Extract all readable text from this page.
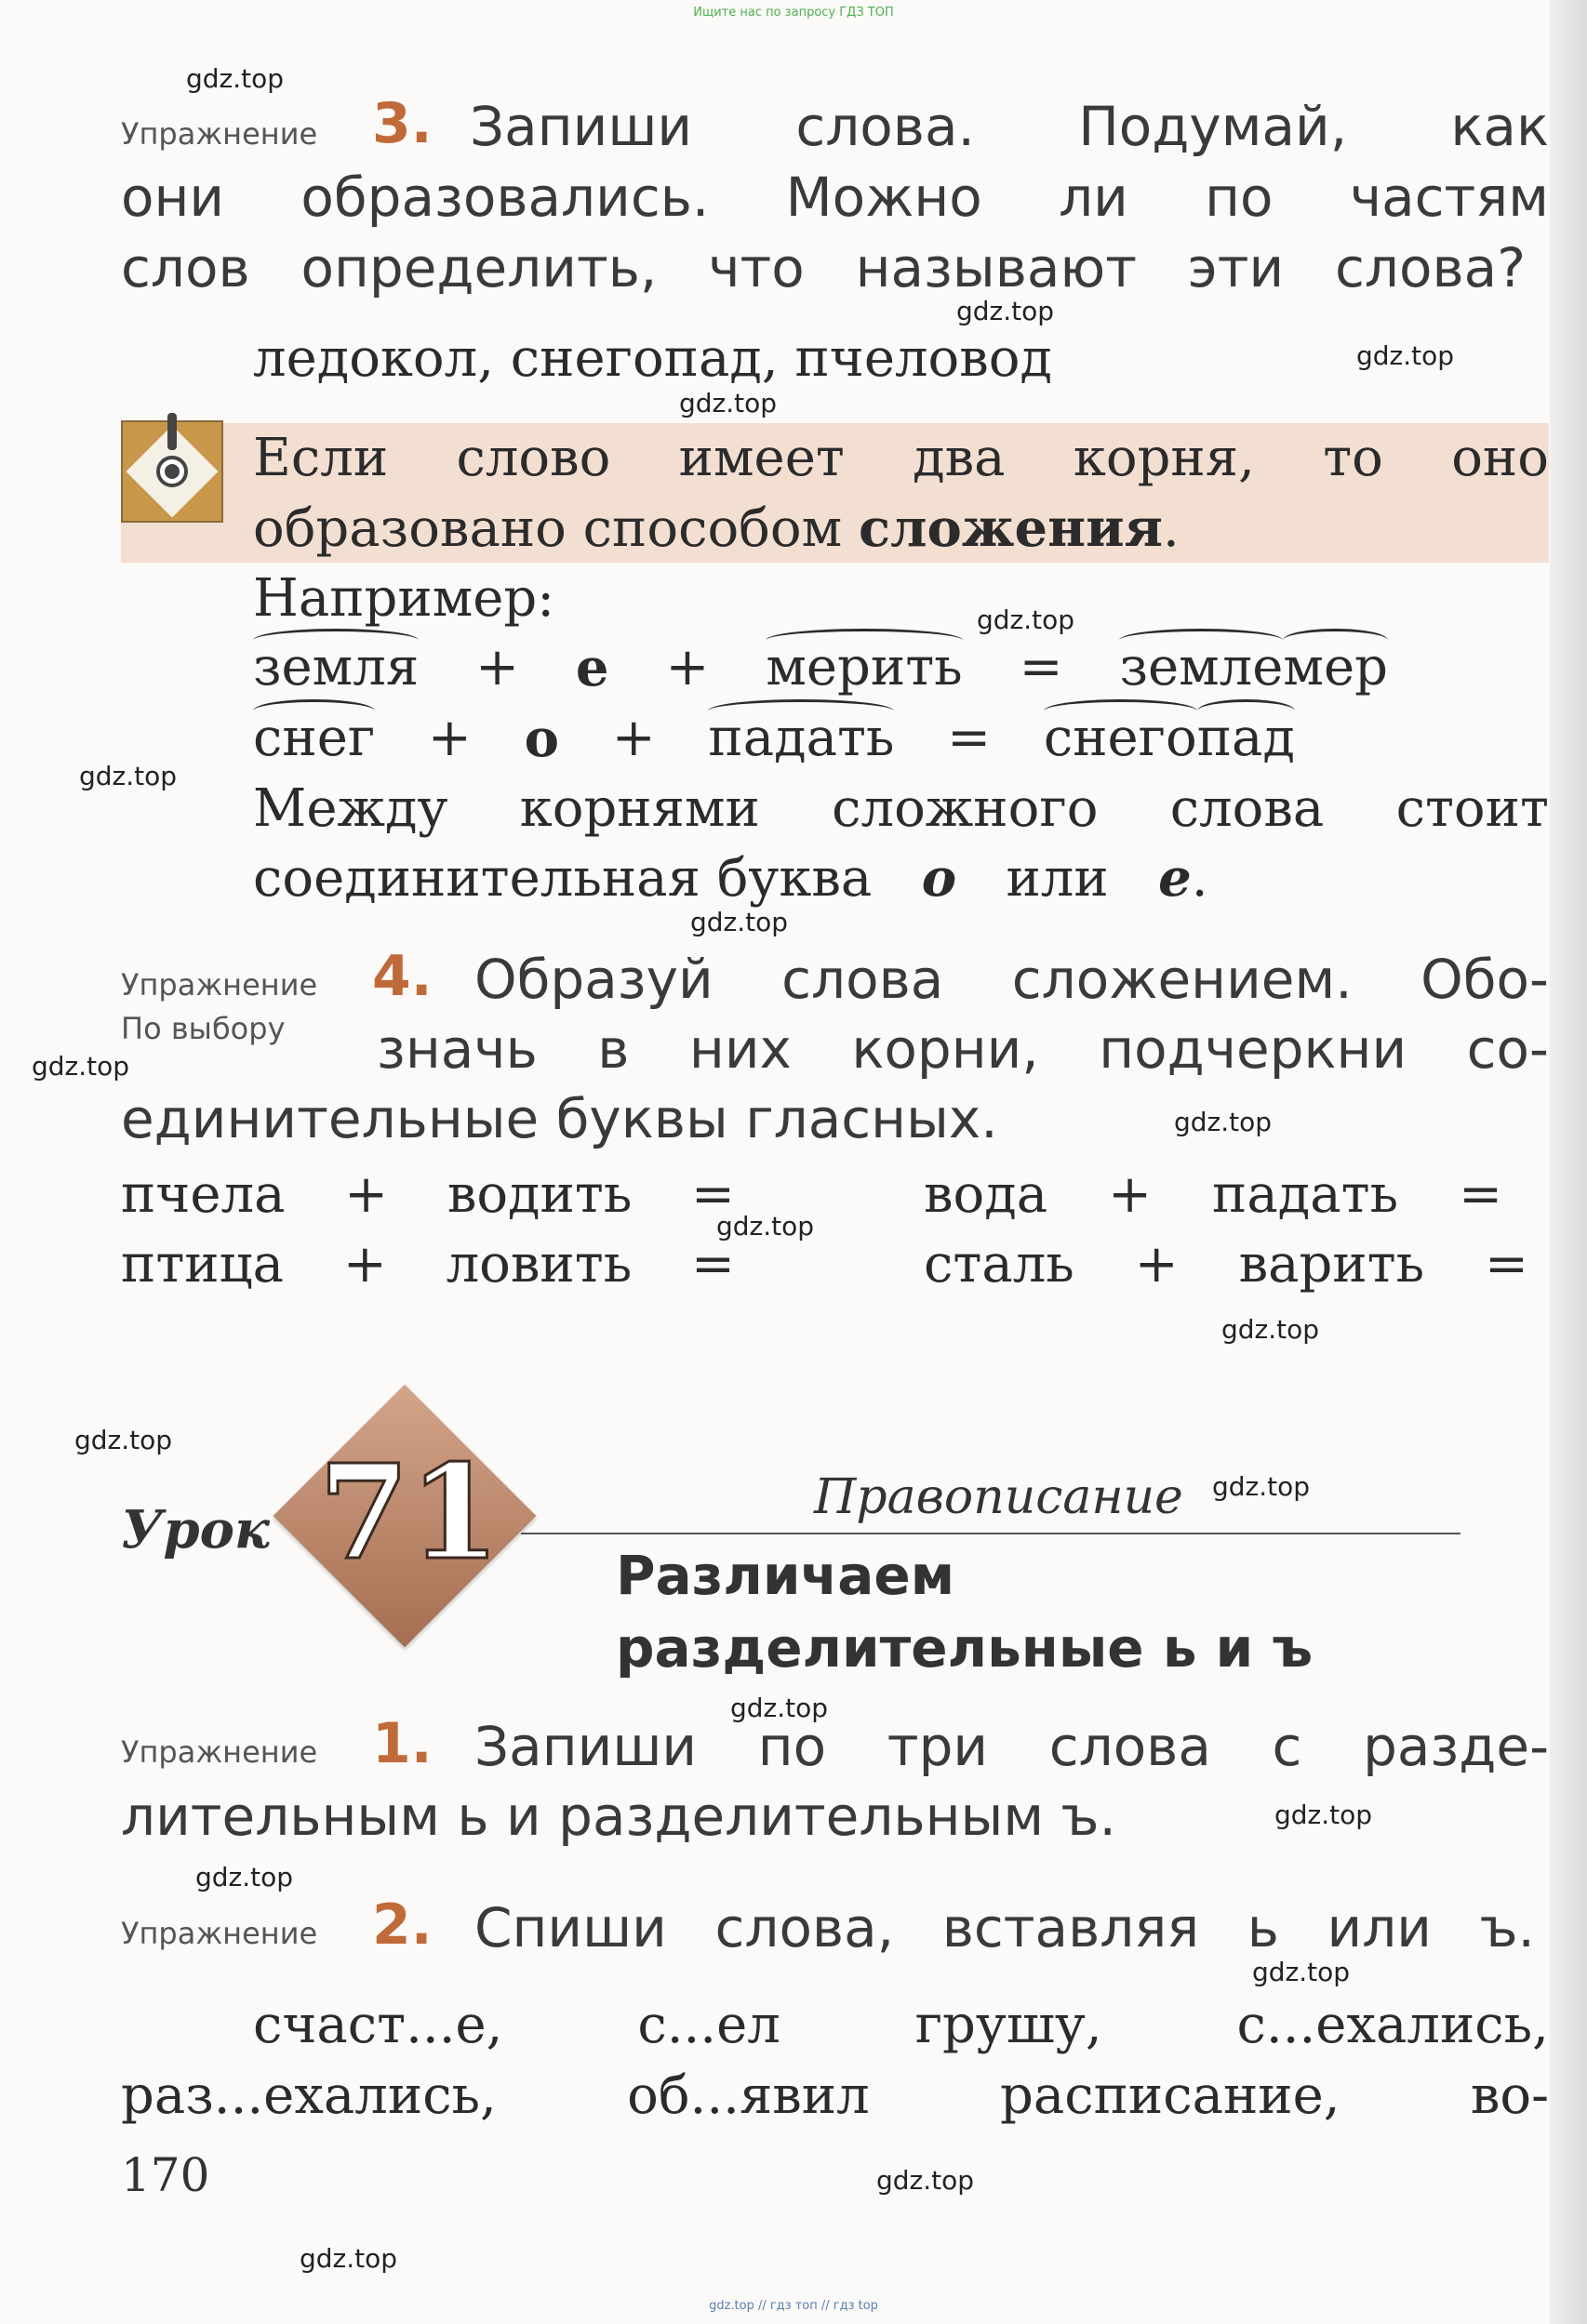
Ищите нас по запросу ГДЗ ТОП
gdz.top
gdz.top
gdz.top
gdz.top
gdz.top
gdz.top
gdz.top
gdz.top
gdz.top
gdz.top
gdz.top
gdz.top
gdz.top
gdz.top
gdz.top
gdz.top
gdz.top
gdz.top
gdz.top
Упражнение 3. Запиши слова. Подумай, как
они образовались. Можно ли по частям
слов определить, что называют эти слова?
ледокол, снегопад, пчеловод
Если слово имеет два корня, то оно
образовано способом сложения.
Например:
земля + е + мерить = землемер
снег + о + падать = снегопад
Между корнями сложного слова стоит
соединительная буква о или е.
Упражнение
По выбору
4. Образуй слова сложением. Обо-
значь в них корни, подчеркни со-
единительные буквы гласных.
пчела + водить =	вода + падать =
птица + ловить =	сталь + варить =
Урок 71	Правописание
Различаем
разделительные ь и ъ
Упражнение 1. Запиши по три слова с разде-
лительным ь и разделительным ъ.
Упражнение 2. Спиши слова, вставляя ь или ъ.
счаст...е,	с...ел	грушу,	с...ехались,
раз...ехались,	об...явил	расписание,	во-
170
gdz.top // гдз топ // гдз top
